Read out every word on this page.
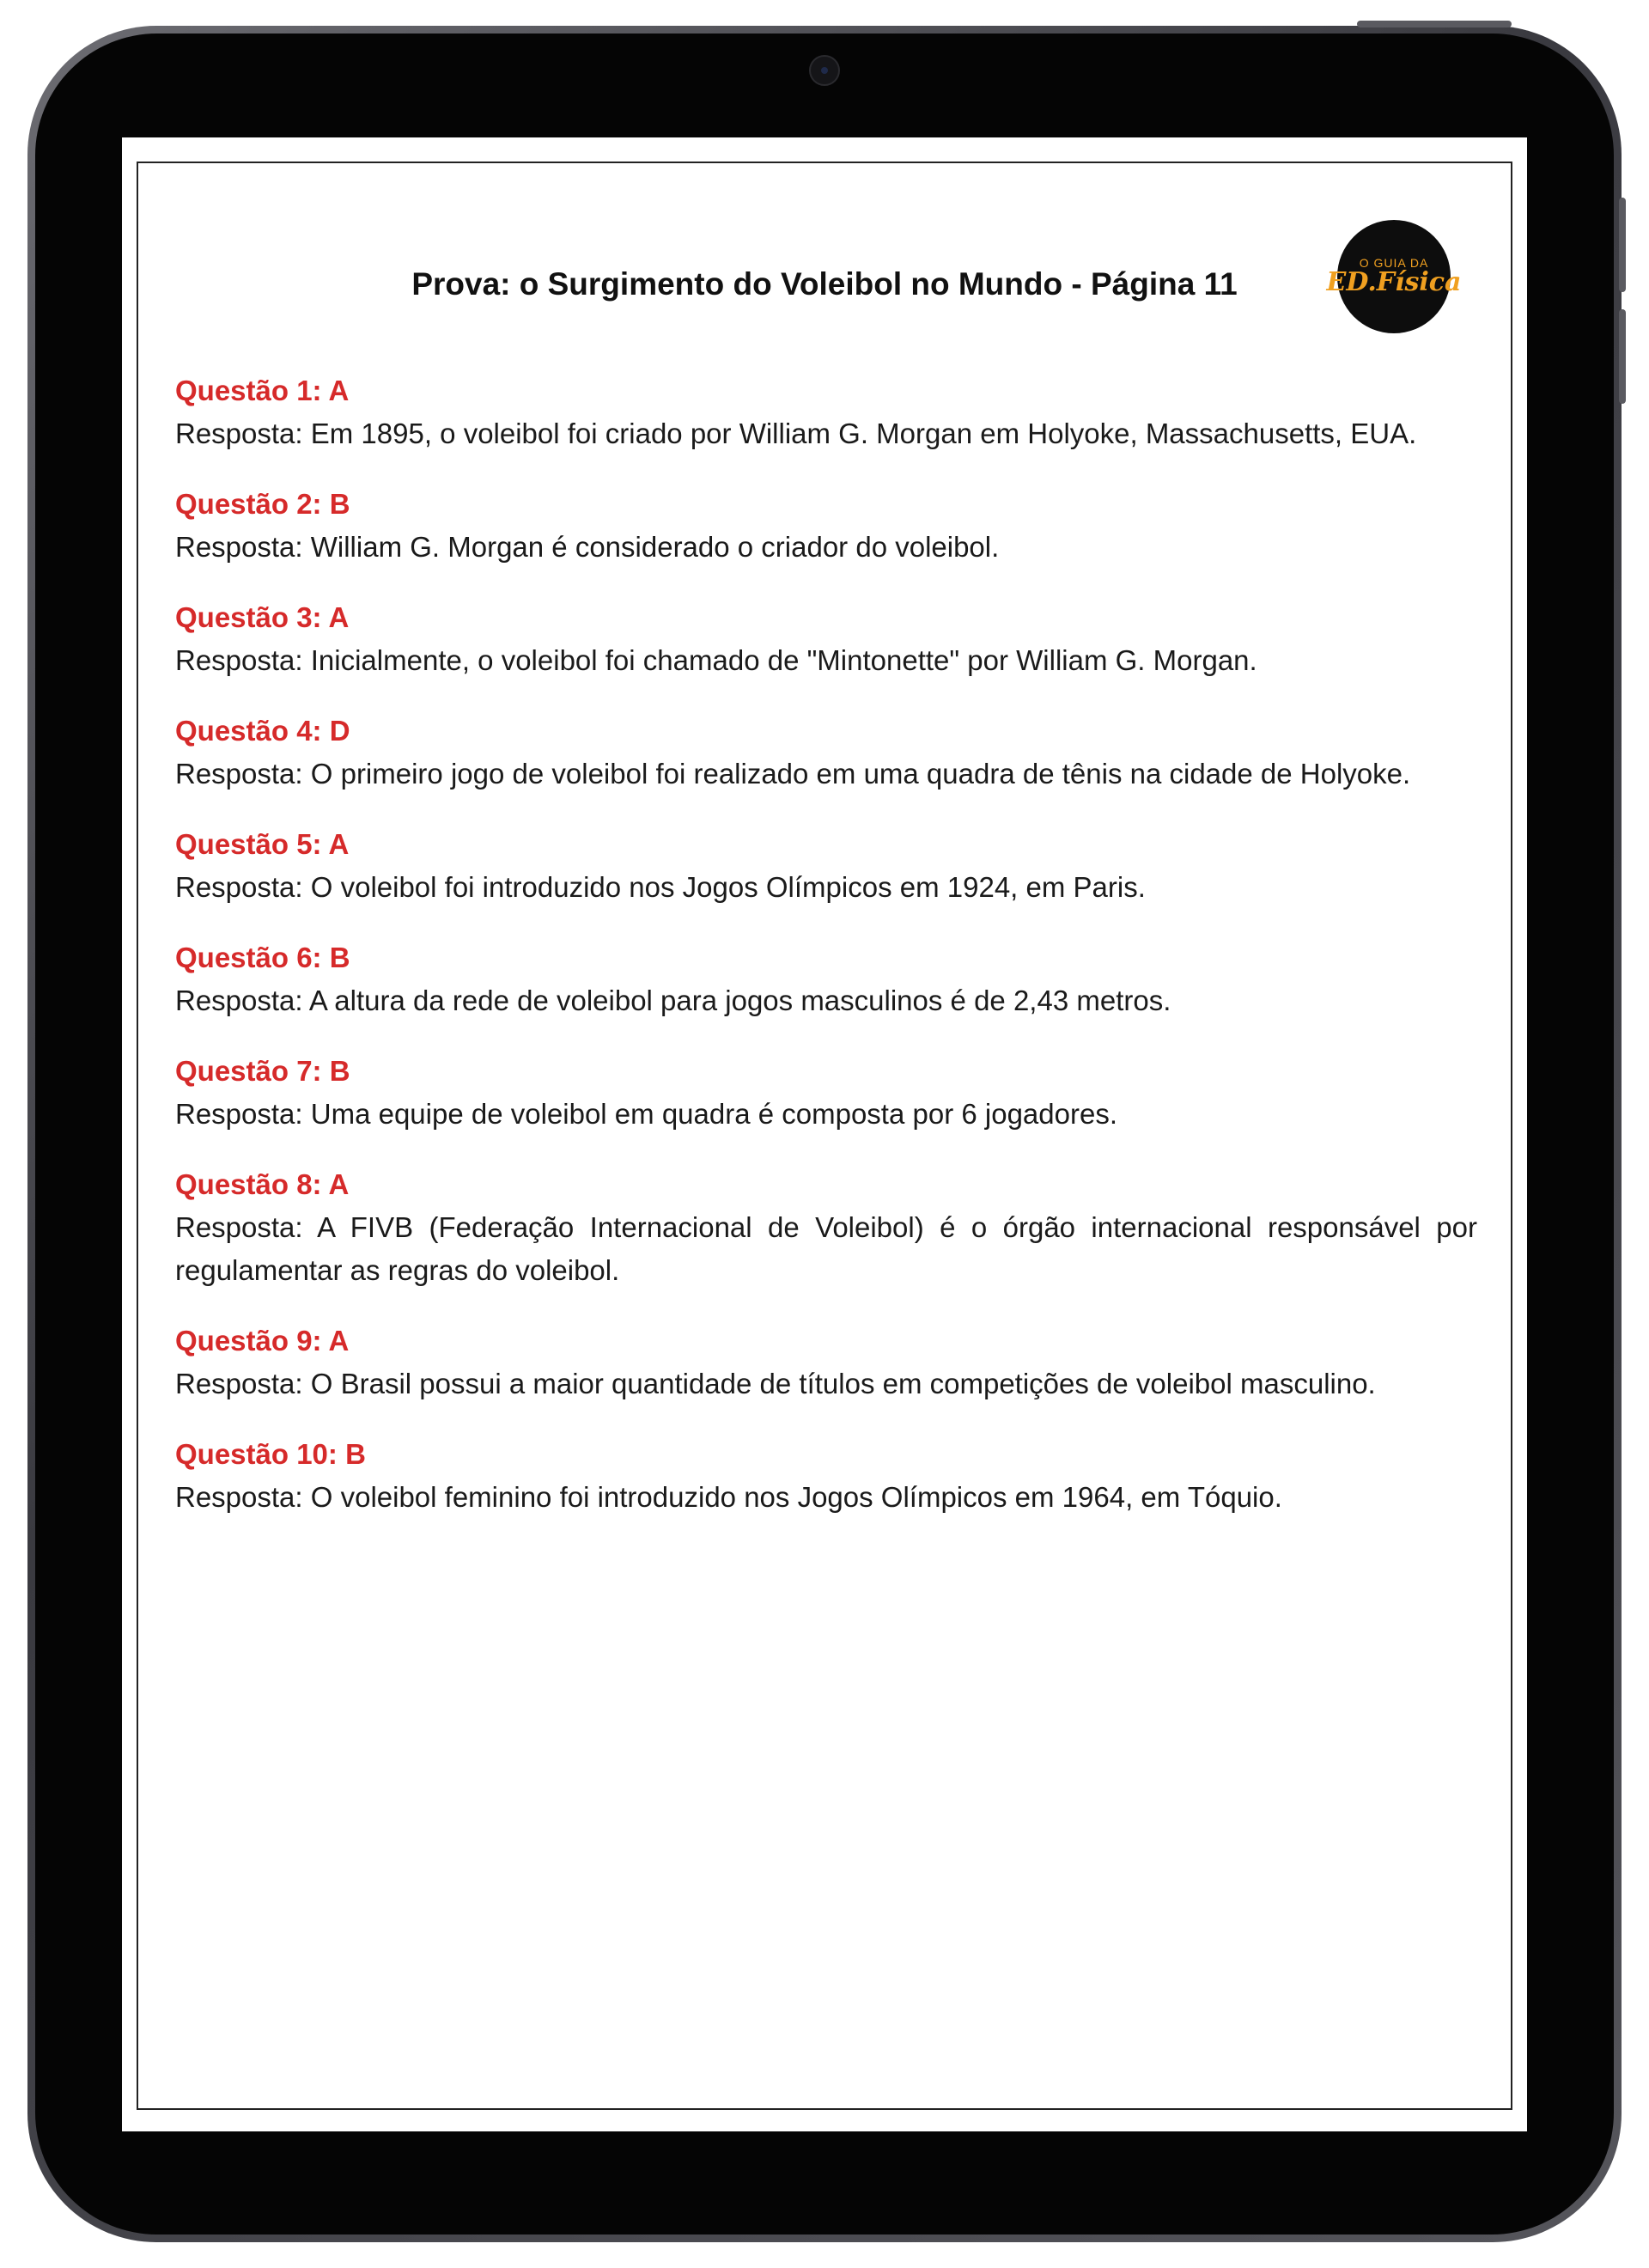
Prova: o Surgimento do Voleibol no Mundo - Página 11
O GUIA DA
ED.Física
Questão 1: A
Resposta: Em 1895, o voleibol foi criado por William G. Morgan em Holyoke, Massachusetts, EUA.
Questão 2: B
Resposta: William G. Morgan é considerado o criador do voleibol.
Questão 3: A
Resposta: Inicialmente, o voleibol foi chamado de "Mintonette" por William G. Morgan.
Questão 4: D
Resposta: O primeiro jogo de voleibol foi realizado em uma quadra de tênis na cidade de Holyoke.
Questão 5: A
Resposta: O voleibol foi introduzido nos Jogos Olímpicos em 1924, em Paris.
Questão 6: B
Resposta: A altura da rede de voleibol para jogos masculinos é de 2,43 metros.
Questão 7: B
Resposta: Uma equipe de voleibol em quadra é composta por 6 jogadores.
Questão 8: A
Resposta: A FIVB (Federação Internacional de Voleibol) é o órgão internacional responsável por regulamentar as regras do voleibol.
Questão 9: A
Resposta: O Brasil possui a maior quantidade de títulos em competições de voleibol masculino.
Questão 10: B
Resposta: O voleibol feminino foi introduzido nos Jogos Olímpicos em 1964, em Tóquio.
